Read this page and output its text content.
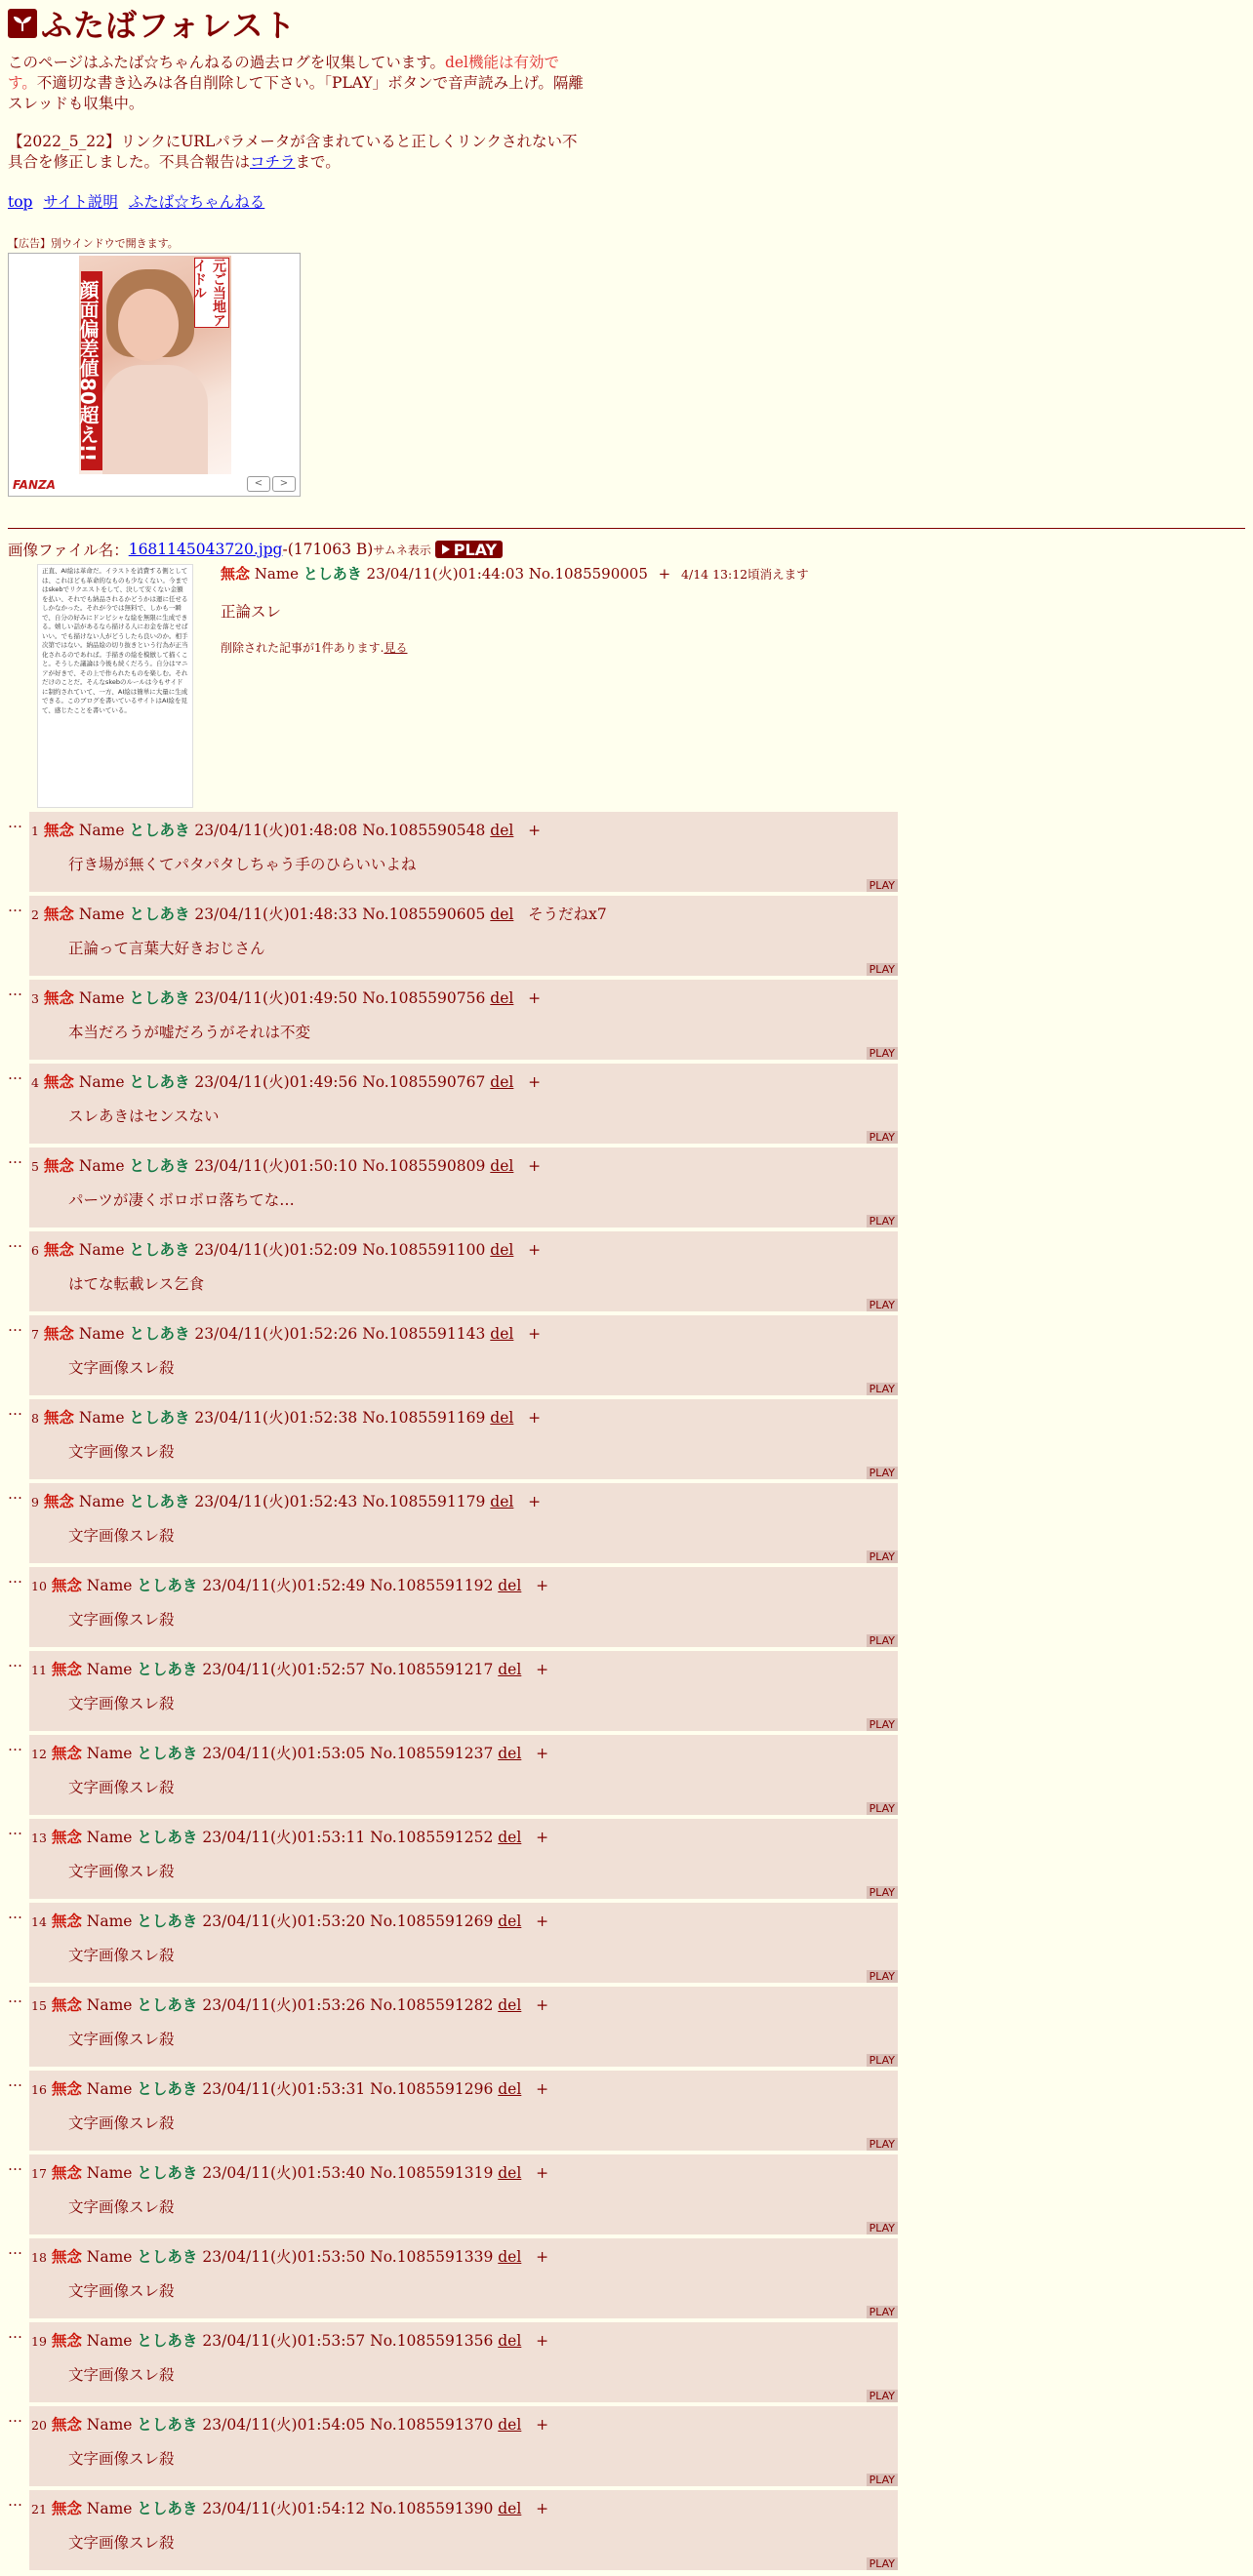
ふたばフォレスト
このページはふたば☆ちゃんねるの過去ログを収集しています。del機能は有効です。不適切な書き込みは各自削除して下さい。「PLAY」ボタンで音声読み上げ。隔離スレッドも収集中。
【2022_5_22】リンクにURLパラメータが含まれていると正しくリンクされない不具合を修正しました。不具合報告はコチラまで。
top サイト説明 ふたば☆ちゃんねる
【広告】別ウインドウで開きます。
顔面偏差値80超え!!	元ご当地アイドル
FANZA	<	>
画像ファイル名： 1681145043720.jpg -(171063 B) サムネ表示 PLAY
正直、AI絵は革命だ。イラストを消費する側としては、これほども革命的なものも少なくない。今まではskebでリクエストをして、決して安くない金額を払い、それでも納品されるかどうかは運に任せるしかなかった。それが今では無料で、しかも一瞬で、自分の好みにドンピシャな絵を無限に生成できる。嬉しい話があるなら描ける人にお金を落とせばいい。でも描けない人がどうしたら良いのか。相手次第ではない。納品絵の切り抜きという行為が正当化されるのであれば。手描きの絵を模倣して描くこと。そうした議論は今後も続くだろう。自分はマニアが好きで、その上で作られたものを楽しむ。それだけのことだ。そんなskebのルールは今もサイドに制約されていて、一方、AI絵は簡単に大量に生成できる。このブログを書いているサイトはAI絵を見て、感じたことを書いている。
無念 Name としあき 23/04/11(火)01:44:03 No.1085590005 + 4/14 13:12頃消えます
正論スレ
削除された記事が1件あります.見る
… 1 無念 Name としあき 23/04/11(火)01:48:08 No.1085590548 del +
行き場が無くてパタパタしちゃう手のひらいいよね
PLAY
… 2 無念 Name としあき 23/04/11(火)01:48:33 No.1085590605 del そうだねx7
正論って言葉大好きおじさん
PLAY
… 3 無念 Name としあき 23/04/11(火)01:49:50 No.1085590756 del +
本当だろうが嘘だろうがそれは不変
PLAY
… 4 無念 Name としあき 23/04/11(火)01:49:56 No.1085590767 del +
スレあきはセンスない
PLAY
… 5 無念 Name としあき 23/04/11(火)01:50:10 No.1085590809 del +
パーツが凄くボロボロ落ちてな…
PLAY
… 6 無念 Name としあき 23/04/11(火)01:52:09 No.1085591100 del +
はてな転載レス乞食
PLAY
… 7 無念 Name としあき 23/04/11(火)01:52:26 No.1085591143 del +
文字画像スレ殺
PLAY
… 8 無念 Name としあき 23/04/11(火)01:52:38 No.1085591169 del +
文字画像スレ殺
PLAY
… 9 無念 Name としあき 23/04/11(火)01:52:43 No.1085591179 del +
文字画像スレ殺
PLAY
… 10 無念 Name としあき 23/04/11(火)01:52:49 No.1085591192 del +
文字画像スレ殺
PLAY
… 11 無念 Name としあき 23/04/11(火)01:52:57 No.1085591217 del +
文字画像スレ殺
PLAY
… 12 無念 Name としあき 23/04/11(火)01:53:05 No.1085591237 del +
文字画像スレ殺
PLAY
… 13 無念 Name としあき 23/04/11(火)01:53:11 No.1085591252 del +
文字画像スレ殺
PLAY
… 14 無念 Name としあき 23/04/11(火)01:53:20 No.1085591269 del +
文字画像スレ殺
PLAY
… 15 無念 Name としあき 23/04/11(火)01:53:26 No.1085591282 del +
文字画像スレ殺
PLAY
… 16 無念 Name としあき 23/04/11(火)01:53:31 No.1085591296 del +
文字画像スレ殺
PLAY
… 17 無念 Name としあき 23/04/11(火)01:53:40 No.1085591319 del +
文字画像スレ殺
PLAY
… 18 無念 Name としあき 23/04/11(火)01:53:50 No.1085591339 del +
文字画像スレ殺
PLAY
… 19 無念 Name としあき 23/04/11(火)01:53:57 No.1085591356 del +
文字画像スレ殺
PLAY
… 20 無念 Name としあき 23/04/11(火)01:54:05 No.1085591370 del +
文字画像スレ殺
PLAY
… 21 無念 Name としあき 23/04/11(火)01:54:12 No.1085591390 del +
文字画像スレ殺
PLAY
